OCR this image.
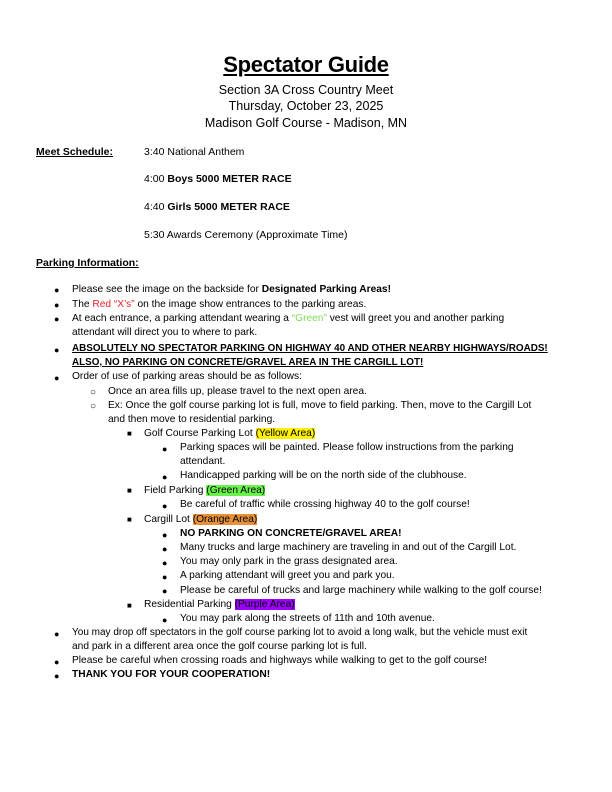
Spectator Guide
Section 3A Cross Country Meet
Thursday, October 23, 2025
Madison Golf Course - Madison, MN
Meet Schedule:	3:40 National Anthem
4:00 Boys 5000 METER RACE
4:40 Girls 5000 METER RACE
5:30 Awards Ceremony (Approximate Time)
Parking Information:
● Please see the image on the backside for Designated Parking Areas!
● The Red “X’s” on the image show entrances to the parking areas.
● At each entrance, a parking attendant wearing a “Green” vest will greet you and another parking
attendant will direct you to where to park.
● ABSOLUTELY NO SPECTATOR PARKING ON HIGHWAY 40 AND OTHER NEARBY HIGHWAYS/ROADS!
ALSO, NO PARKING ON CONCRETE/GRAVEL AREA IN THE CARGILL LOT!
● Order of use of parking areas should be as follows:
○ Once an area fills up, please travel to the next open area.
○ Ex: Once the golf course parking lot is full, move to field parking. Then, move to the Cargill Lot
and then move to residential parking.
■ Golf Course Parking Lot (Yellow Area)
● Parking spaces will be painted. Please follow instructions from the parking
attendant.
● Handicapped parking will be on the north side of the clubhouse.
■ Field Parking (Green Area)
● Be careful of traffic while crossing highway 40 to the golf course!
■ Cargill Lot (Orange Area)
● NO PARKING ON CONCRETE/GRAVEL AREA!
● Many trucks and large machinery are traveling in and out of the Cargill Lot.
● You may only park in the grass designated area.
● A parking attendant will greet you and park you.
● Please be careful of trucks and large machinery while walking to the golf course!
■ Residential Parking (Purple Area)
● You may park along the streets of 11th and 10th avenue.
● You may drop off spectators in the golf course parking lot to avoid a long walk, but the vehicle must exit
and park in a different area once the golf course parking lot is full.
● Please be careful when crossing roads and highways while walking to get to the golf course!
● THANK YOU FOR YOUR COOPERATION!
